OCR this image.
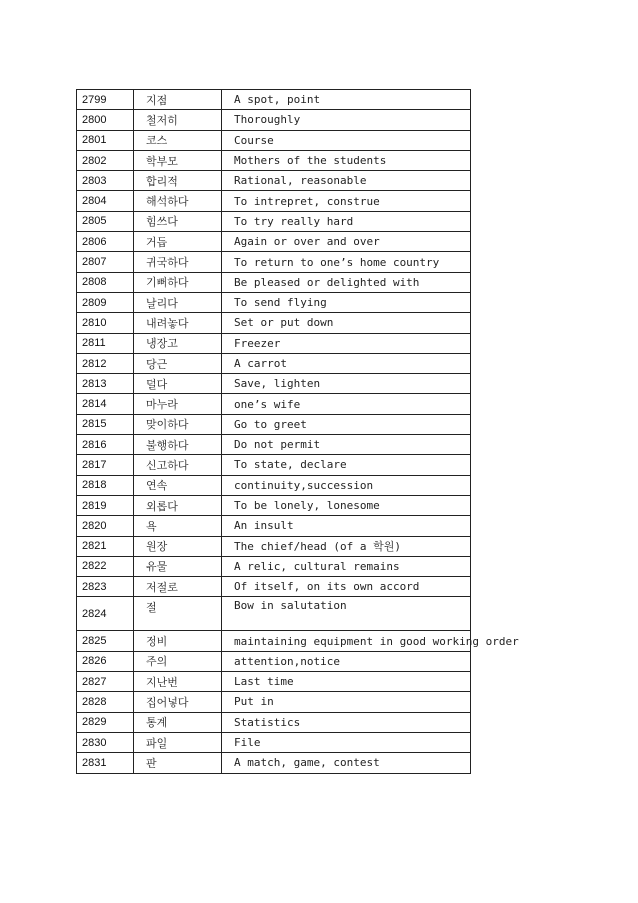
2799	지점	A spot, point
2800	철저히	Thoroughly
2801	코스	Course
2802	학부모	Mothers of the students
2803	합리적	Rational, reasonable
2804	해석하다	To intrepret, construe
2805	힘쓰다	To try really hard
2806	거듭	Again or over and over
2807	귀국하다	To return to one’s home country
2808	기뻐하다	Be pleased or delighted with
2809	날리다	To send flying
2810	내려놓다	Set or put down
2811	냉장고	Freezer
2812	당근	A carrot
2813	덜다	Save, lighten
2814	마누라	one’s wife
2815	맞이하다	Go to greet
2816	불행하다	Do not permit
2817	신고하다	To state, declare
2818	연속	continuity,succession
2819	외롭다	To be lonely, lonesome
2820	욕	An insult
2821	원장	The chief/head (of a 학원)
2822	유물	A relic, cultural remains
2823	저절로	Of itself, on its own accord
2824	절	Bow in salutation
2825	정비	maintaining equipment in good working order
2826	주의	attention,notice
2827	지난번	Last time
2828	집어넣다	Put in
2829	통계	Statistics
2830	파일	File
2831	판	A match, game, contest
